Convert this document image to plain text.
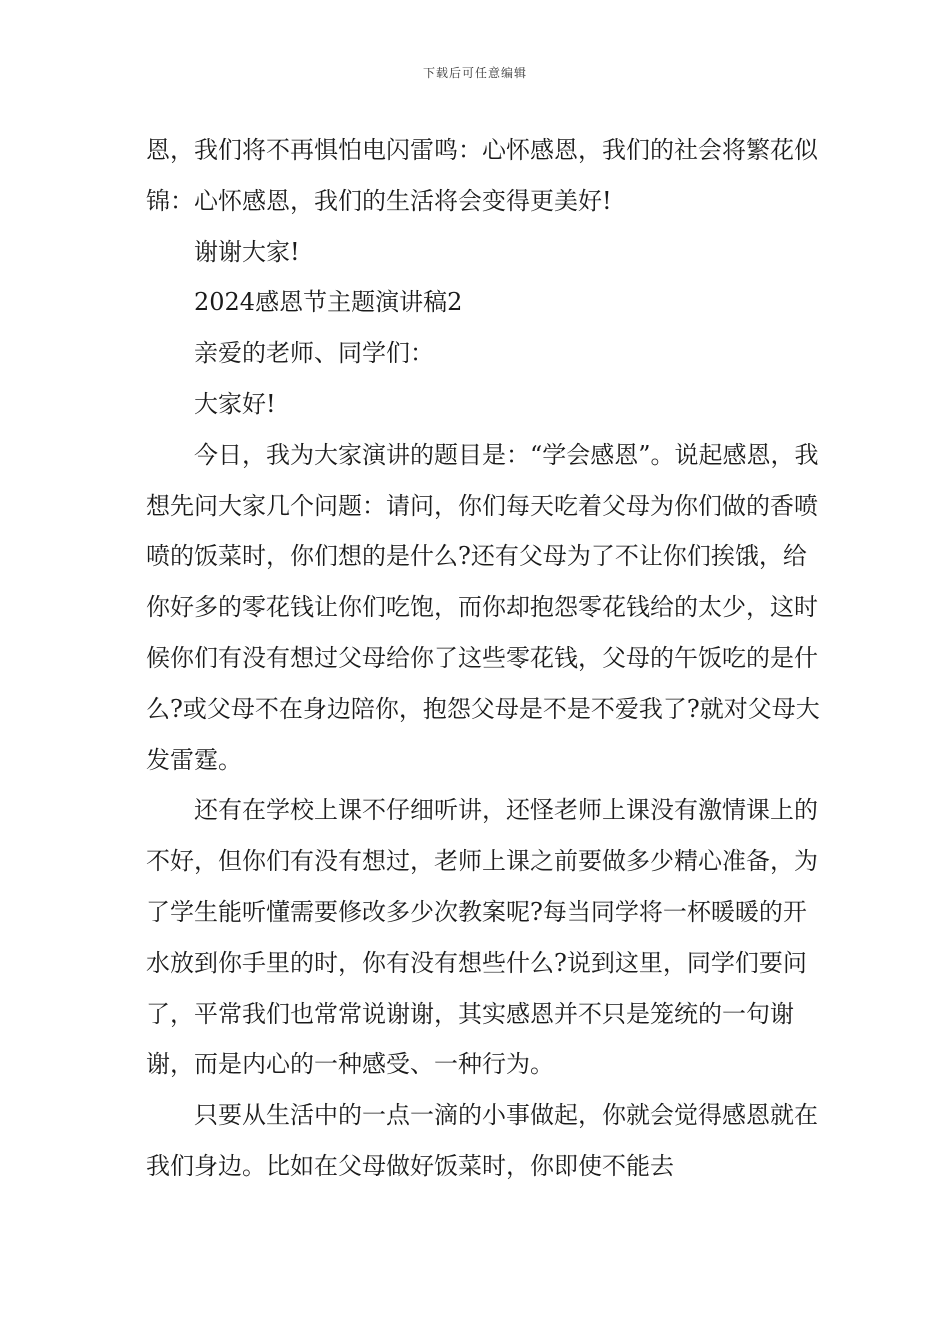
下载后可任意编辑

恩，我们将不再惧怕电闪雷鸣：心怀感恩，我们的社会将繁花似锦：心怀感恩，我们的生活将会变得更美好!

谢谢大家!

2024感恩节主题演讲稿2

亲爱的老师、同学们：

大家好!

今日，我为大家演讲的题目是：“学会感恩”。说起感恩，我想先问大家几个问题：请问，你们每天吃着父母为你们做的香喷喷的饭菜时，你们想的是什么?还有父母为了不让你们挨饿，给你好多的零花钱让你们吃饱，而你却抱怨零花钱给的太少，这时候你们有没有想过父母给你了这些零花钱，父母的午饭吃的是什么?或父母不在身边陪你，抱怨父母是不是不爱我了?就对父母大发雷霆。

还有在学校上课不仔细听讲，还怪老师上课没有激情课上的不好，但你们有没有想过，老师上课之前要做多少精心准备，为了学生能听懂需要修改多少次教案呢?每当同学将一杯暖暖的开水放到你手里的时，你有没有想些什么?说到这里，同学们要问了，平常我们也常常说谢谢，其实感恩并不只是笼统的一句谢谢，而是内心的一种感受、一种行为。

只要从生活中的一点一滴的小事做起，你就会觉得感恩就在我们身边。比如在父母做好饭菜时，你即使不能去
